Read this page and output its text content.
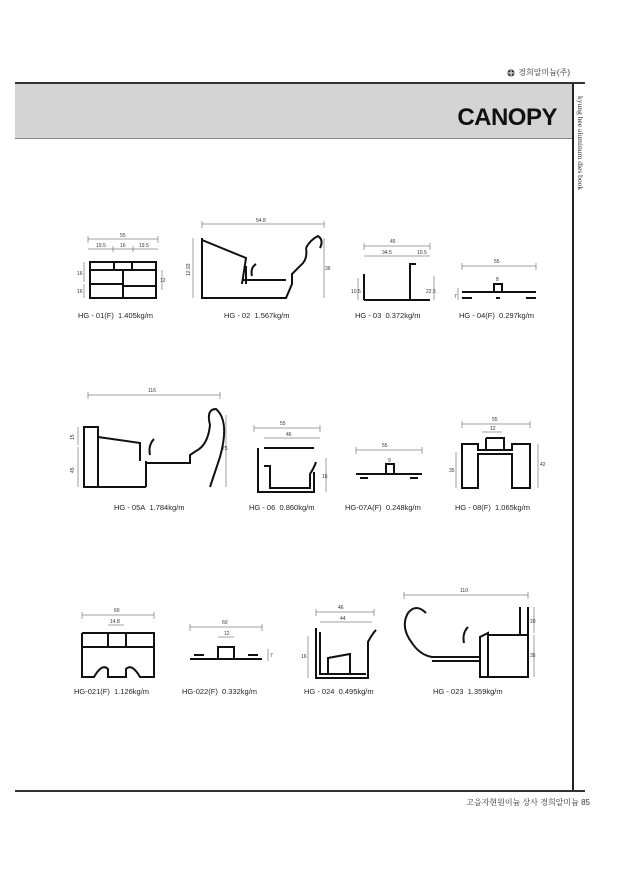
경희알미늄(주)
CANOPY	kyung hee aluminum dies book
55
19.5	16	19.5
16
16
12
54.8
12.93	36
45
34.5	10.5
10.5	22.5
55
8
7
116
15
45
75
55
46
16
55
9
55
12
35
42
60
14.8	60
12
7
46
44
16
110
20
35
HG - 01(F) 1.405kg/m	HG - 02 1.567kg/m	HG - 03 0.372kg/m	HG - 04(F) 0.297kg/m
HG - 05A 1.784kg/m	HG - 06 0.860kg/m	HG-07A(F) 0.248kg/m	HG - 08(F) 1.065kg/m
HG-021(F) 1.126kg/m	HG-022(F) 0.332kg/m	HG - 024 0.495kg/m	HG - 023 1.359kg/m
고을자현원이늄 상사 경희알미늄 85
